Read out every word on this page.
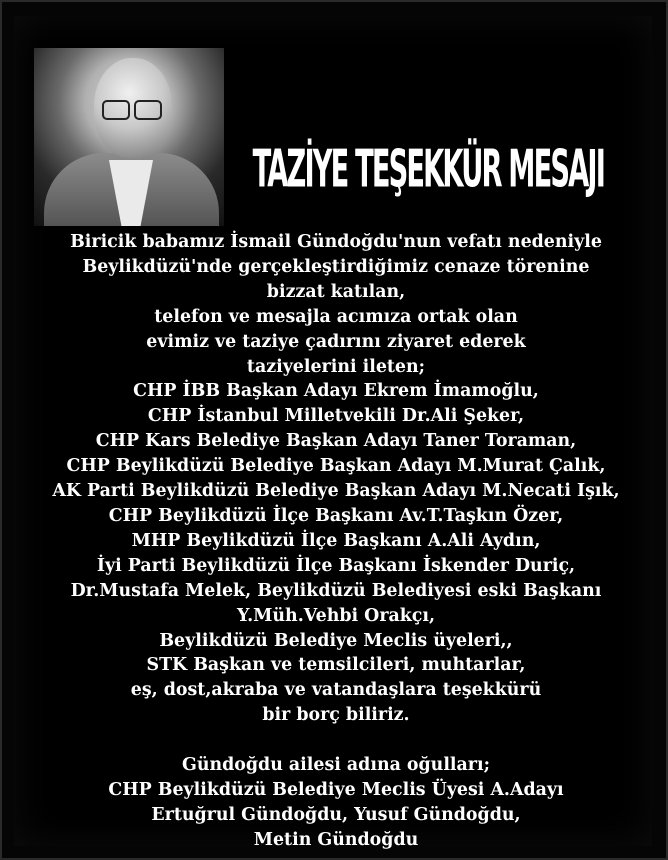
TAZİYE TEŞEKKÜR MESAJI
Biricik babamız İsmail Gündoğdu'nun vefatı nedeniyle
Beylikdüzü'nde gerçekleştirdiğimiz cenaze törenine
bizzat katılan,
telefon ve mesajla acımıza ortak olan
evimiz ve taziye çadırını ziyaret ederek
taziyelerini ileten;
CHP İBB Başkan Adayı Ekrem İmamoğlu,
CHP İstanbul Milletvekili Dr.Ali Şeker,
CHP Kars Belediye Başkan Adayı Taner Toraman,
CHP Beylikdüzü Belediye Başkan Adayı M.Murat Çalık,
AK Parti Beylikdüzü Belediye Başkan Adayı M.Necati Işık,
CHP Beylikdüzü İlçe Başkanı Av.T.Taşkın Özer,
MHP Beylikdüzü İlçe Başkanı A.Ali Aydın,
İyi Parti Beylikdüzü İlçe Başkanı İskender Duriç,
Dr.Mustafa Melek, Beylikdüzü Belediyesi eski Başkanı
Y.Müh.Vehbi Orakçı,
Beylikdüzü Belediye Meclis üyeleri,,
STK Başkan ve temsilcileri, muhtarlar,
eş, dost,akraba ve vatandaşlara teşekkürü
bir borç biliriz.
Gündoğdu ailesi adına oğulları;
CHP Beylikdüzü Belediye Meclis Üyesi A.Adayı
Ertuğrul Gündoğdu, Yusuf Gündoğdu,
Metin Gündoğdu
